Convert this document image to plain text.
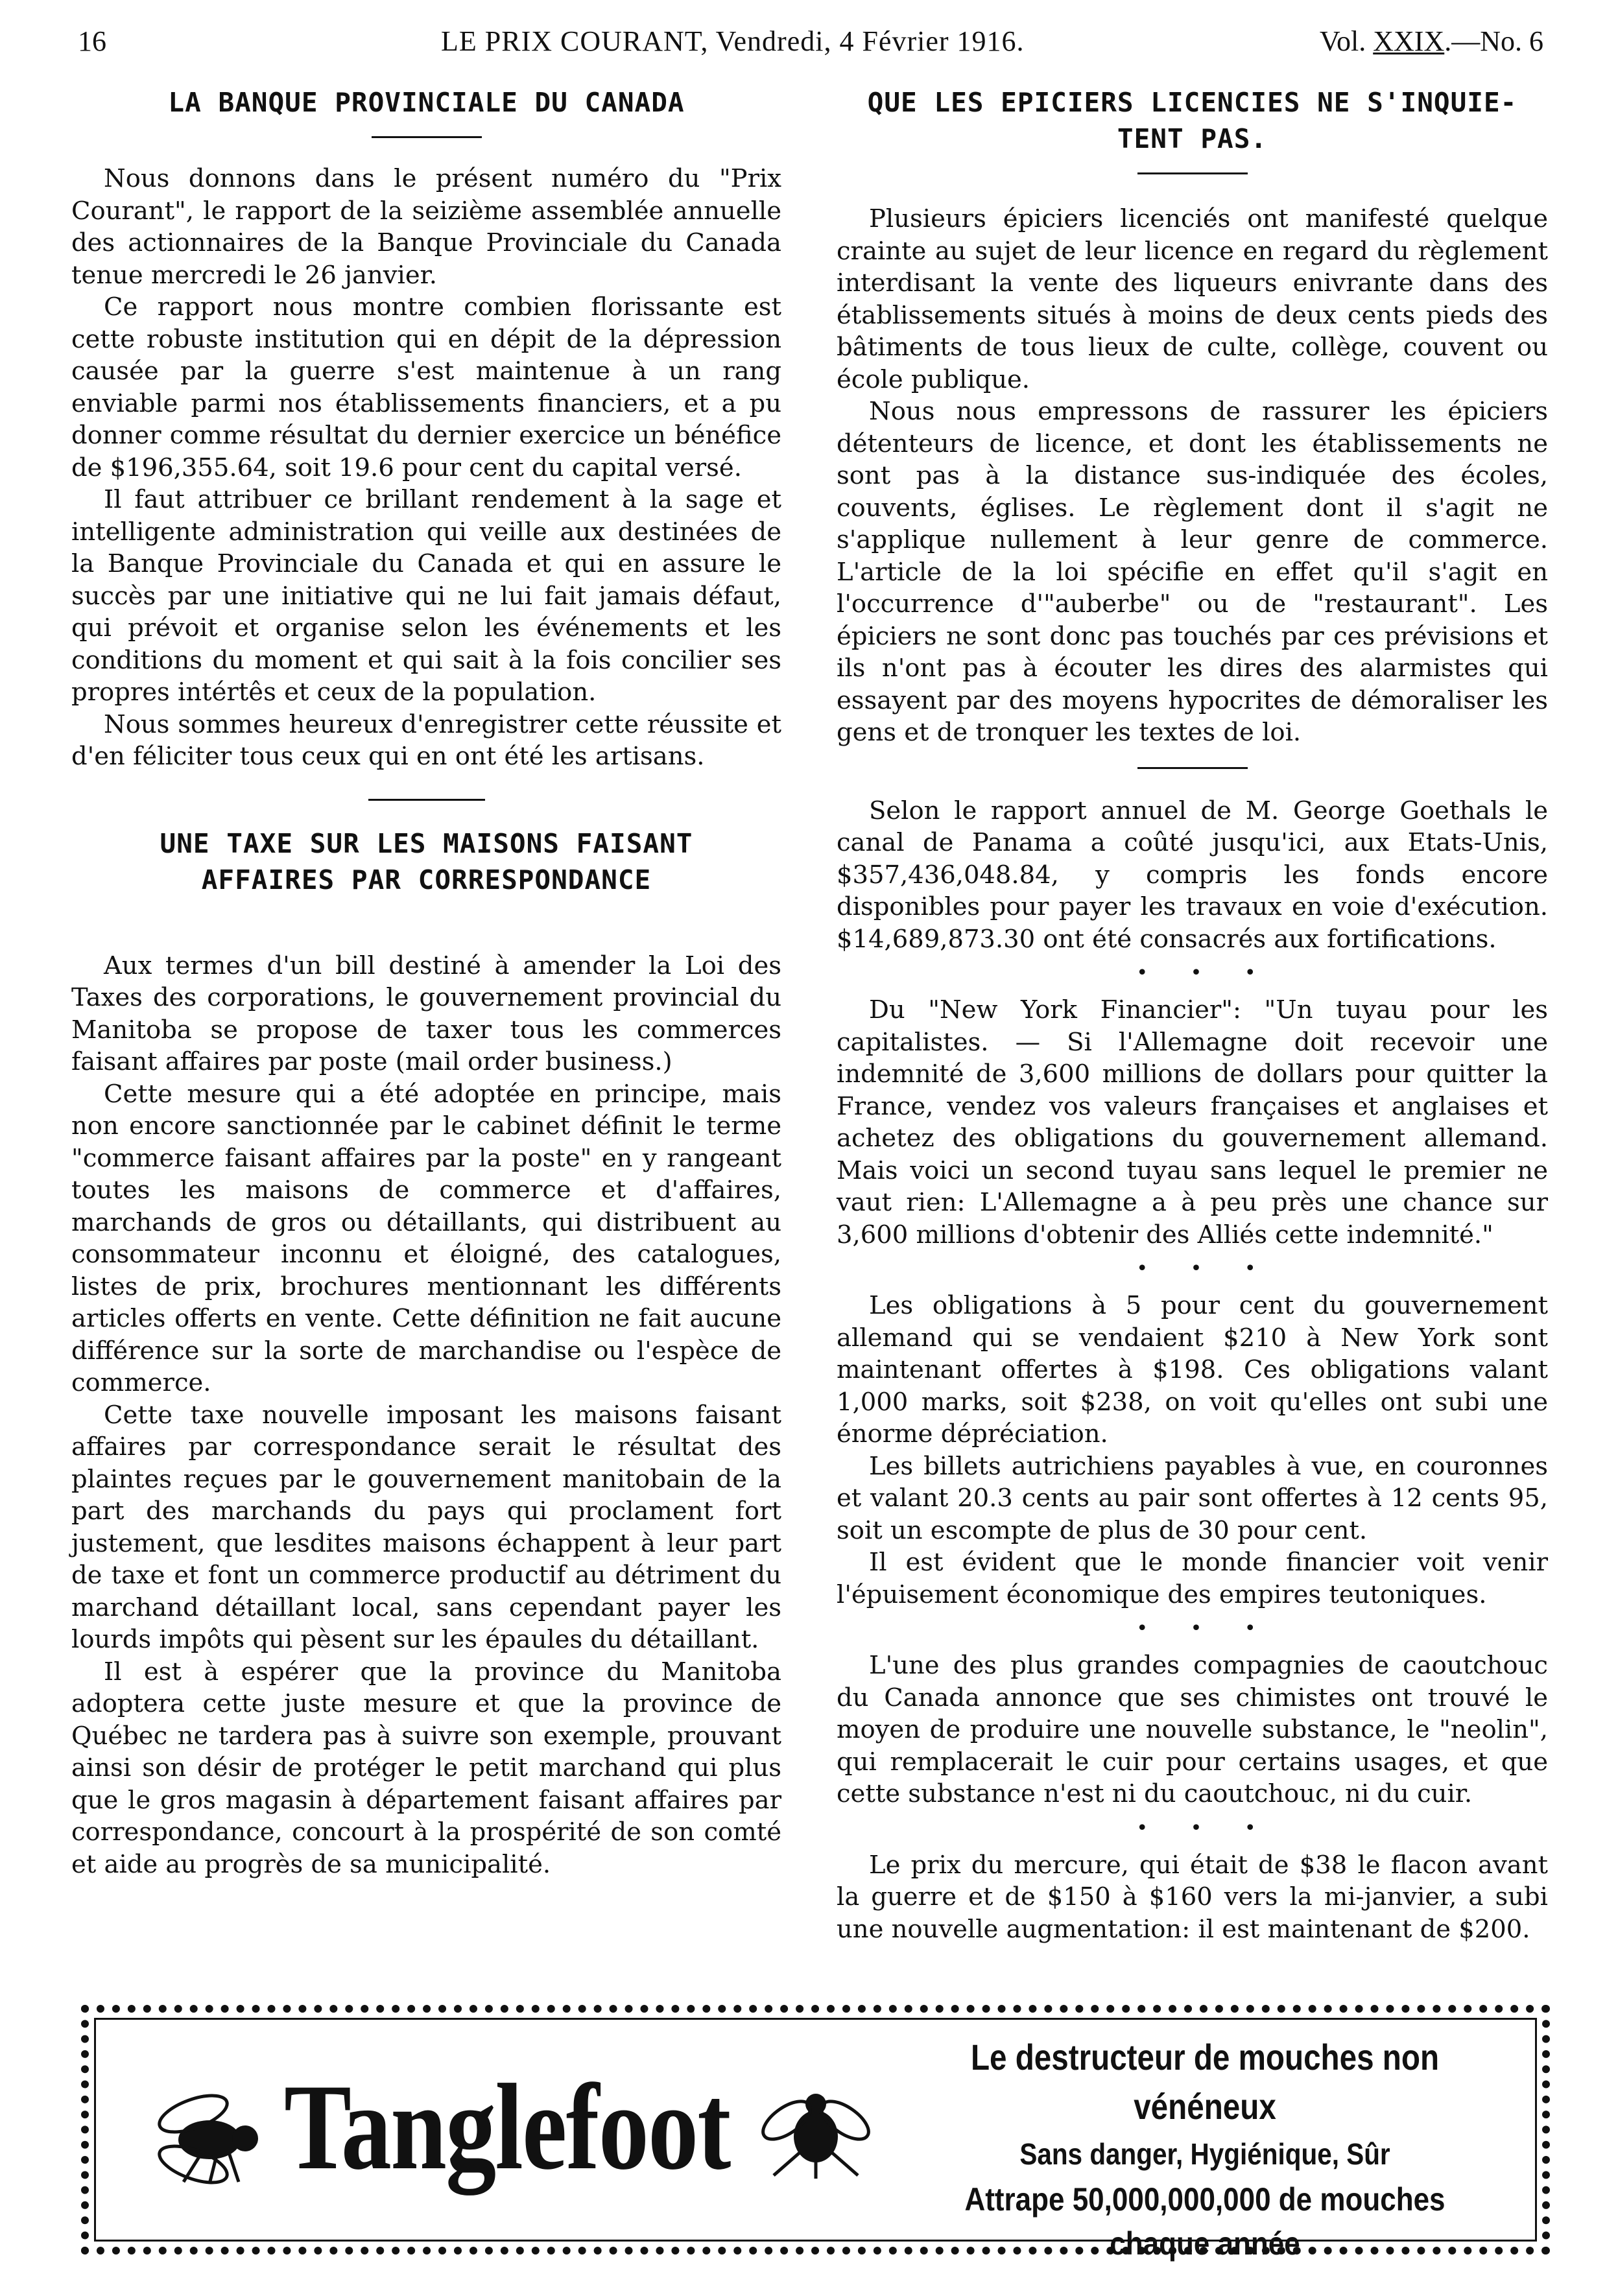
16	LE PRIX COURANT, Vendredi, 4 Février 1916.	Vol. XXIX.—No. 6
LA BANQUE PROVINCIALE DU CANADA

Nous donnons dans le présent numéro du "Prix Courant", le rapport de la seizième assemblée annuelle des actionnaires de la Banque Provinciale du Canada tenue mercredi le 26 janvier.

Ce rapport nous montre combien florissante est cette robuste institution qui en dépit de la dépression causée par la guerre s'est maintenue à un rang enviable parmi nos établissements financiers, et a pu donner comme résultat du dernier exercice un bénéfice de $196,355.64, soit 19.6 pour cent du capital versé.

Il faut attribuer ce brillant rendement à la sage et intelligente administration qui veille aux destinées de la Banque Provinciale du Canada et qui en assure le succès par une initiative qui ne lui fait jamais défaut, qui prévoit et organise selon les événements et les conditions du moment et qui sait à la fois concilier ses propres intértês et ceux de la population.

Nous sommes heureux d'enregistrer cette réussite et d'en féliciter tous ceux qui en ont été les artisans.

UNE TAXE SUR LES MAISONS FAISANT
AFFAIRES PAR CORRESPONDANCE

Aux termes d'un bill destiné à amender la Loi des Taxes des corporations, le gouvernement provincial du Manitoba se propose de taxer tous les commerces faisant affaires par poste (mail order business.)

Cette mesure qui a été adoptée en principe, mais non encore sanctionnée par le cabinet définit le terme "commerce faisant affaires par la poste" en y rangeant toutes les maisons de commerce et d'affaires, marchands de gros ou détaillants, qui distribuent au consommateur inconnu et éloigné, des catalogues, listes de prix, brochures mentionnant les différents articles offerts en vente. Cette définition ne fait aucune différence sur la sorte de marchandise ou l'espèce de commerce.

Cette taxe nouvelle imposant les maisons faisant affaires par correspondance serait le résultat des plaintes reçues par le gouvernement manitobain de la part des marchands du pays qui proclament fort justement, que lesdites maisons échappent à leur part de taxe et font un commerce productif au détriment du marchand détaillant local, sans cependant payer les lourds impôts qui pèsent sur les épaules du détaillant.

Il est à espérer que la province du Manitoba adoptera cette juste mesure et que la province de Québec ne tardera pas à suivre son exemple, prouvant ainsi son désir de protéger le petit marchand qui plus que le gros magasin à département faisant affaires par correspondance, concourt à la prospérité de son comté et aide au progrès de sa municipalité.

QUE LES EPICIERS LICENCIES NE S'INQUIE-
TENT PAS.

Plusieurs épiciers licenciés ont manifesté quelque crainte au sujet de leur licence en regard du règlement interdisant la vente des liqueurs enivrante dans des établissements situés à moins de deux cents pieds des bâtiments de tous lieux de culte, collège, couvent ou école publique.

Nous nous empressons de rassurer les épiciers détenteurs de licence, et dont les établissements ne sont pas à la distance sus-indiquée des écoles, couvents, églises. Le règlement dont il s'agit ne s'applique nullement à leur genre de commerce. L'article de la loi spécifie en effet qu'il s'agit en l'occurrence d'"auberbe" ou de "restaurant". Les épiciers ne sont donc pas touchés par ces prévisions et ils n'ont pas à écouter les dires des alarmistes qui essayent par des moyens hypocrites de démoraliser les gens et de tronquer les textes de loi.

Selon le rapport annuel de M. George Goethals le canal de Panama a coûté jusqu'ici, aux Etats-Unis, $357,436,048.84, y compris les fonds encore disponibles pour payer les travaux en voie d'exécution. $14,689,873.30 ont été consacrés aux fortifications.

• • •

Du "New York Financier": "Un tuyau pour les capitalistes. — Si l'Allemagne doit recevoir une indemnité de 3,600 millions de dollars pour quitter la France, vendez vos valeurs françaises et anglaises et achetez des obligations du gouvernement allemand. Mais voici un second tuyau sans lequel le premier ne vaut rien: L'Allemagne a à peu près une chance sur 3,600 millions d'obtenir des Alliés cette indemnité."

• • •

Les obligations à 5 pour cent du gouvernement allemand qui se vendaient $210 à New York sont maintenant offertes à $198. Ces obligations valant 1,000 marks, soit $238, on voit qu'elles ont subi une énorme dépréciation.

Les billets autrichiens payables à vue, en couronnes et valant 20.3 cents au pair sont offertes à 12 cents 95, soit un escompte de plus de 30 pour cent.

Il est évident que le monde financier voit venir l'épuisement économique des empires teutoniques.

• • •

L'une des plus grandes compagnies de caoutchouc du Canada annonce que ses chimistes ont trouvé le moyen de produire une nouvelle substance, le "neolin", qui remplacerait le cuir pour certains usages, et que cette substance n'est ni du caoutchouc, ni du cuir.

• • •

Le prix du mercure, qui était de $38 le flacon avant la guerre et de $150 à $160 vers la mi-janvier, a subi une nouvelle augmentation: il est maintenant de $200.

Tanglefoot
Le destructeur de mouches non vénéneux
Sans danger, Hygiénique, Sûr
Attrape 50,000,000,000 de mouches
chaque année
